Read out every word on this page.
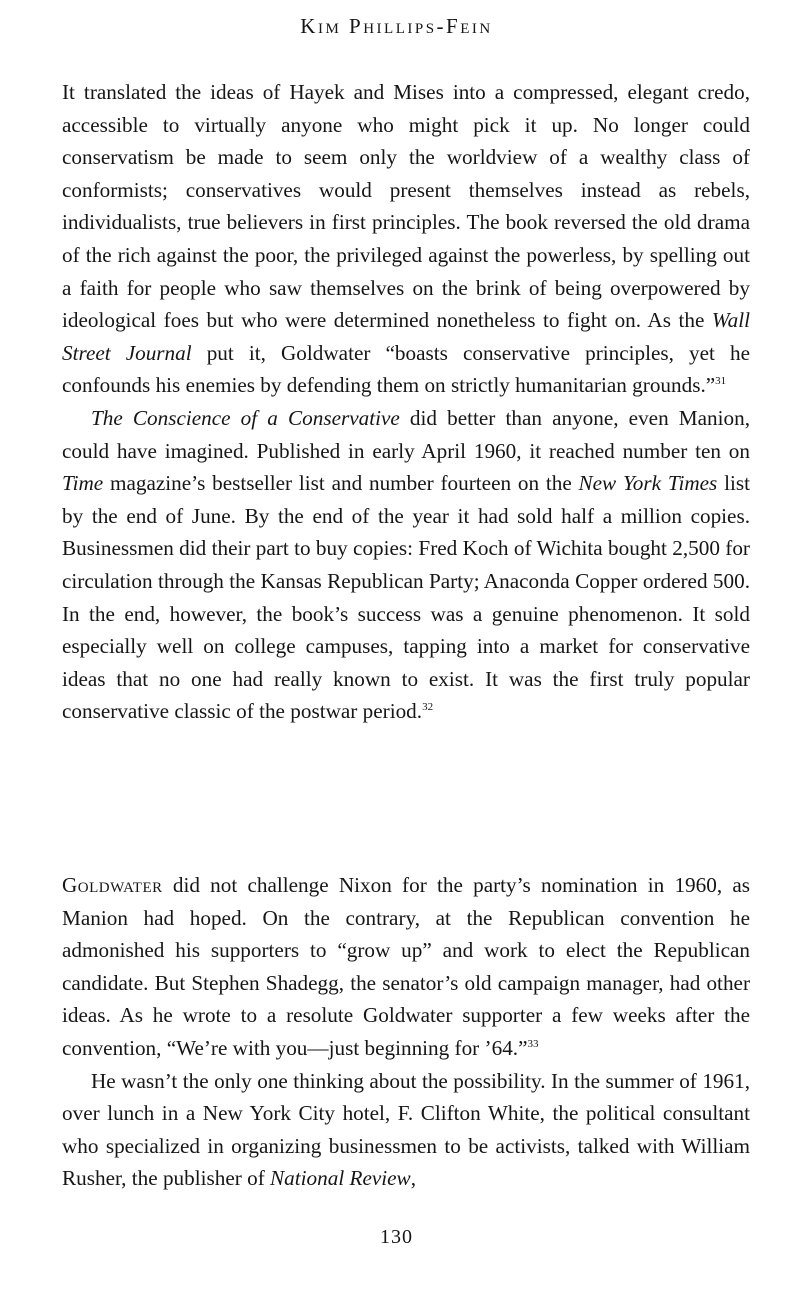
Kim Phillips-Fein

It translated the ideas of Hayek and Mises into a compressed, elegant credo, accessible to virtually anyone who might pick it up. No longer could conservatism be made to seem only the worldview of a wealthy class of conformists; conservatives would present themselves instead as rebels, individualists, true believers in first principles. The book reversed the old drama of the rich against the poor, the privileged against the powerless, by spelling out a faith for people who saw themselves on the brink of being overpowered by ideological foes but who were determined nonetheless to fight on. As the Wall Street Journal put it, Goldwater “boasts conservative principles, yet he confounds his enemies by defending them on strictly humanitarian grounds.”$^{31}$

The Conscience of a Conservative did better than anyone, even Manion, could have imagined. Published in early April 1960, it reached number ten on Time magazine’s bestseller list and number fourteen on the New York Times list by the end of June. By the end of the year it had sold half a million copies. Businessmen did their part to buy copies: Fred Koch of Wichita bought 2,500 for circulation through the Kansas Republican Party; Anaconda Copper ordered 500. In the end, however, the book’s success was a genuine phenomenon. It sold especially well on college campuses, tapping into a market for conservative ideas that no one had really known to exist. It was the first truly popular conservative classic of the postwar period.$^{32}$

Goldwater did not challenge Nixon for the party’s nomination in 1960, as Manion had hoped. On the contrary, at the Republican convention he admonished his supporters to “grow up” and work to elect the Republican candidate. But Stephen Shadegg, the senator’s old campaign manager, had other ideas. As he wrote to a resolute Goldwater supporter a few weeks after the convention, “We’re with you—just beginning for ’64.”$^{33}$

He wasn’t the only one thinking about the possibility. In the summer of 1961, over lunch in a New York City hotel, F. Clifton White, the political consultant who specialized in organizing businessmen to be activists, talked with William Rusher, the publisher of National Review,

130
